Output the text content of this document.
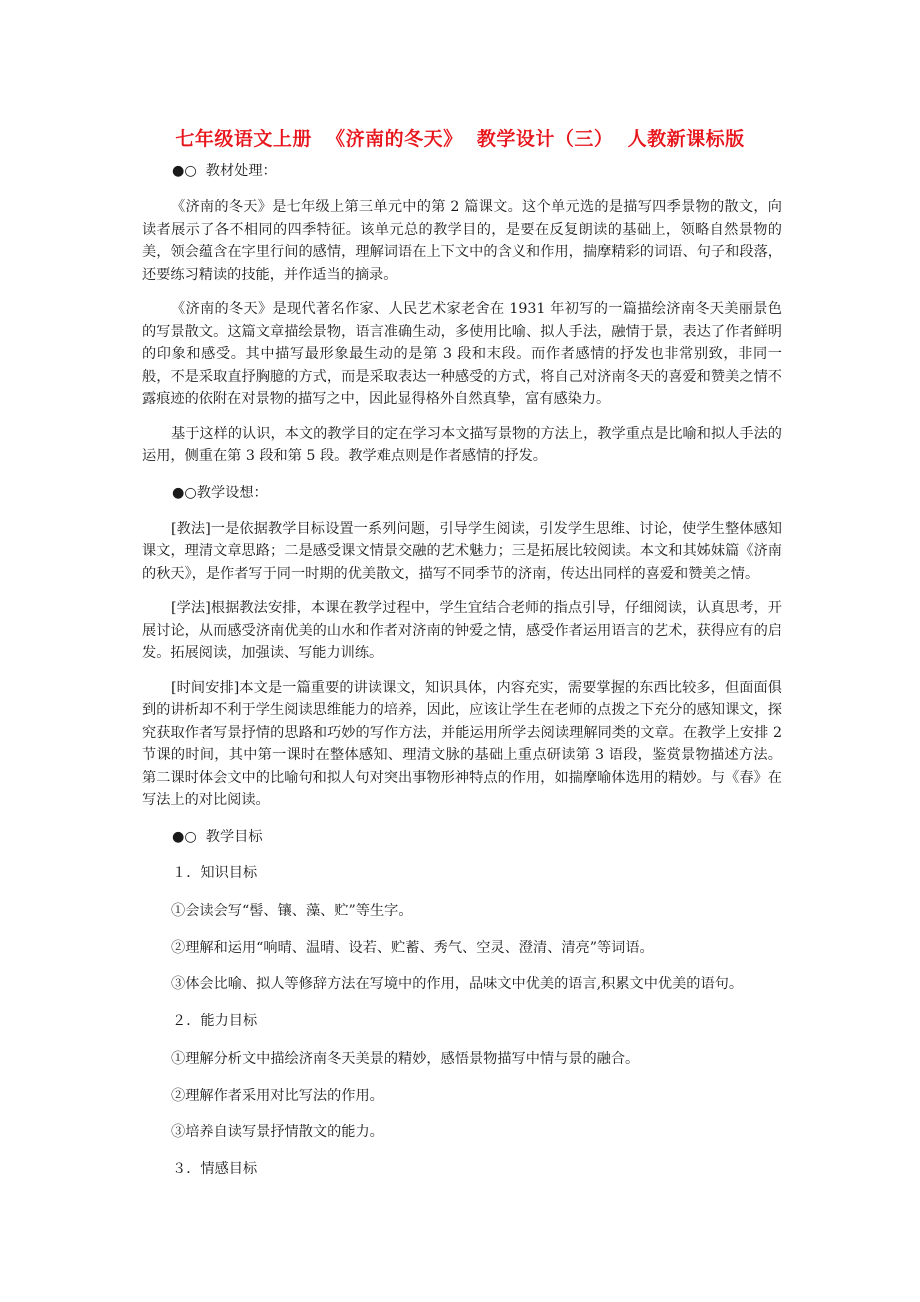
七年级语文上册  《济南的冬天》  教学设计（三）  人教新课标版
●○  教材处理：
《济南的冬天》是七年级上第三单元中的第 2 篇课文。这个单元选的是描写四季景物的散文，向读者展示了各不相同的四季特征。该单元总的教学目的，是要在反复朗读的基础上，领略自然景物的美，领会蕴含在字里行间的感情，理解词语在上下文中的含义和作用，揣摩精彩的词语、句子和段落，还要练习精读的技能，并作适当的摘录。
《济南的冬天》是现代著名作家、人民艺术家老舍在 1931 年初写的一篇描绘济南冬天美丽景色的写景散文。这篇文章描绘景物，语言准确生动，多使用比喻、拟人手法，融情于景，表达了作者鲜明的印象和感受。其中描写最形象最生动的是第 3 段和末段。而作者感情的抒发也非常别致，非同一般，不是采取直抒胸臆的方式，而是采取表达一种感受的方式，将自己对济南冬天的喜爱和赞美之情不露痕迹的依附在对景物的描写之中，因此显得格外自然真挚，富有感染力。
基于这样的认识，本文的教学目的定在学习本文描写景物的方法上，教学重点是比喻和拟人手法的运用，侧重在第 3 段和第 5 段。教学难点则是作者感情的抒发。
●○教学设想：
[教法]一是依据教学目标设置一系列问题，引导学生阅读，引发学生思维、讨论，使学生整体感知课文，理清文章思路；二是感受课文情景交融的艺术魅力；三是拓展比较阅读。本文和其姊妹篇《济南的秋天》，是作者写于同一时期的优美散文，描写不同季节的济南，传达出同样的喜爱和赞美之情。
[学法]根据教法安排，本课在教学过程中，学生宜结合老师的指点引导，仔细阅读，认真思考，开展讨论，从而感受济南优美的山水和作者对济南的钟爱之情，感受作者运用语言的艺术，获得应有的启发。拓展阅读，加强读、写能力训练。
[时间安排]本文是一篇重要的讲读课文，知识具体，内容充实，需要掌握的东西比较多，但面面俱到的讲析却不利于学生阅读思维能力的培养，因此，应该让学生在老师的点拨之下充分的感知课文，探究获取作者写景抒情的思路和巧妙的写作方法，并能运用所学去阅读理解同类的文章。在教学上安排 2 节课的时间，其中第一课时在整体感知、理清文脉的基础上重点研读第 3 语段，鉴赏景物描述方法。第二课时体会文中的比喻句和拟人句对突出事物形神特点的作用，如揣摩喻体选用的精妙。与《春》在写法上的对比阅读。
●○  教学目标
１．知识目标
①会读会写“髻、镶、藻、贮”等生字。
②理解和运用“响晴、温晴、设若、贮蓄、秀气、空灵、澄清、清亮”等词语。
③体会比喻、拟人等修辞方法在写境中的作用，品味文中优美的语言,积累文中优美的语句。
２．能力目标
①理解分析文中描绘济南冬天美景的精妙，感悟景物描写中情与景的融合。
②理解作者采用对比写法的作用。
③培养自读写景抒情散文的能力。
３．情感目标
